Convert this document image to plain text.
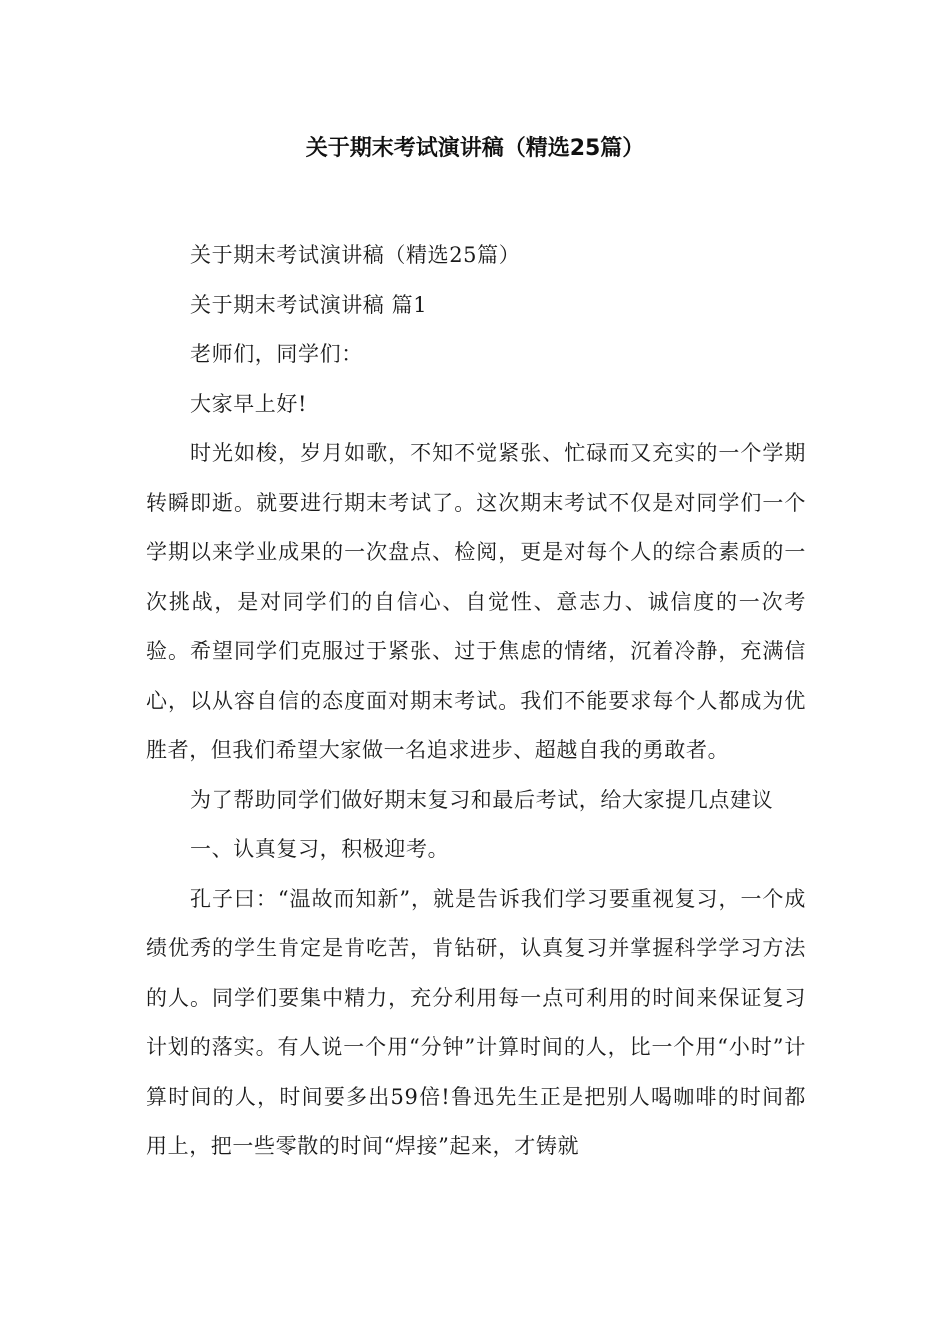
关于期末考试演讲稿（精选25篇）

关于期末考试演讲稿（精选25篇）

关于期末考试演讲稿 篇1

老师们，同学们：

大家早上好!

时光如梭，岁月如歌，不知不觉紧张、忙碌而又充实的一个学期转瞬即逝。就要进行期末考试了。这次期末考试不仅是对同学们一个学期以来学业成果的一次盘点、检阅，更是对每个人的综合素质的一次挑战，是对同学们的自信心、自觉性、意志力、诚信度的一次考验。希望同学们克服过于紧张、过于焦虑的情绪，沉着冷静，充满信心，以从容自信的态度面对期末考试。我们不能要求每个人都成为优胜者，但我们希望大家做一名追求进步、超越自我的勇敢者。

为了帮助同学们做好期末复习和最后考试，给大家提几点建议

一、认真复习，积极迎考。

孔子曰：“温故而知新”，就是告诉我们学习要重视复习，一个成绩优秀的学生肯定是肯吃苦，肯钻研，认真复习并掌握科学学习方法的人。同学们要集中精力，充分利用每一点可利用的时间来保证复习计划的落实。有人说一个用“分钟”计算时间的人，比一个用“小时”计算时间的人，时间要多出59倍!鲁迅先生正是把别人喝咖啡的时间都用上，把一些零散的时间“焊接”起来，才铸就
